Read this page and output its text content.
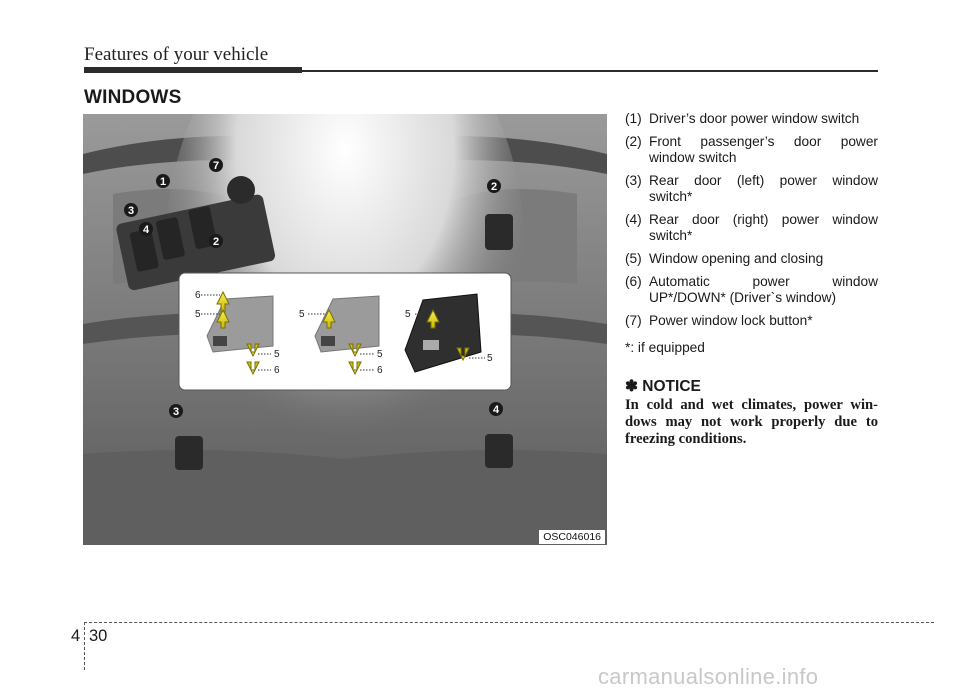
Features of your vehicle
WINDOWS
1
7
3
4
2
2
3	4
6
5
5
6
5
5
6
5
5
OSC046016
(1) Driver’s door power window switch
(2) Front passenger’s door power window switch
(3) Rear door (left) power window switch*
(4) Rear door (right) power window switch*
(5) Window opening and closing
(6) Automatic power window UP*/DOWN* (Driver`s window)
(7) Power window lock button*
*: if equipped
✽ NOTICE
In cold and wet climates, power win-dows may not work properly due to freezing conditions.
4 30
carmanualsonline.info
